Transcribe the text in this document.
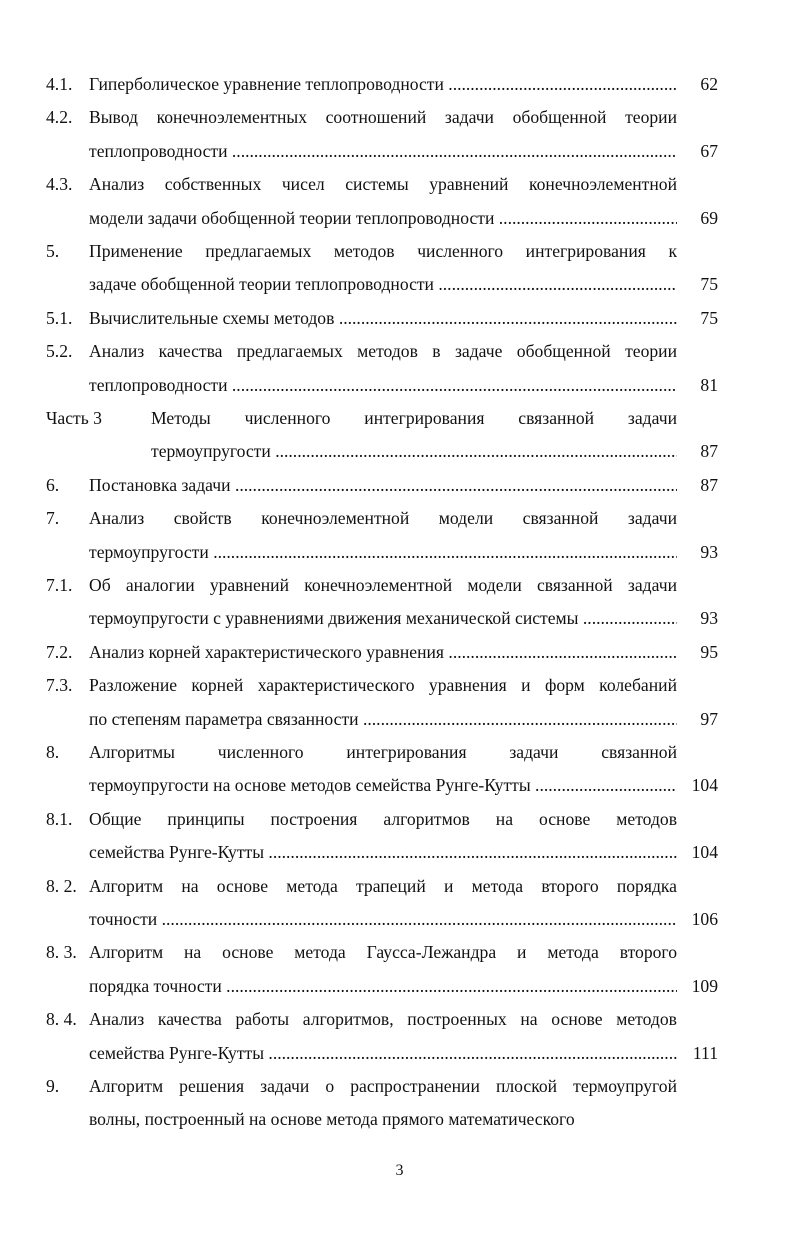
4.1. Гиперболическое уравнение теплопроводности .....	62
4.2. Вывод конечноэлементных соотношений задачи обобщенной теории
теплопроводности .....	67
4.3. Анализ собственных чисел системы уравнений конечноэлементной
модели задачи обобщенной теории теплопроводности .....	69
5. Применение предлагаемых методов численного интегрирования к
задаче обобщенной теории теплопроводности .....	75
5.1. Вычислительные схемы методов .....	75
5.2. Анализ качества предлагаемых методов в задаче обобщенной теории
теплопроводности .....	81
Часть 3	Методы численного интегрирования связанной задачи
термоупругости .....	87
6. Постановка задачи .....	87
7. Анализ свойств конечноэлементной модели связанной задачи
термоупругости .....	93
7.1. Об аналогии уравнений конечноэлементной модели связанной задачи
термоупругости с уравнениями движения механической системы .....	93
7.2. Анализ корней характеристического уравнения .....	95
7.3. Разложение корней характеристического уравнения и форм колебаний
по степеням параметра связанности .....	97
8. Алгоритмы численного интегрирования задачи связанной
термоупругости на основе методов семейства Рунге-Кутты .....	104
8.1. Общие принципы построения алгоритмов на основе методов
семейства Рунге-Кутты .....	104
8. 2. Алгоритм на основе метода трапеций и метода второго порядка
точности .....	106
8. 3. Алгоритм на основе метода Гаусса-Лежандра и метода второго
порядка точности .....	109
8. 4. Анализ качества работы алгоритмов, построенных на основе методов
семейства Рунге-Кутты .....	111
9. Алгоритм решения задачи о распространении плоской термоупругой
волны, построенный на основе метода прямого математического
3
